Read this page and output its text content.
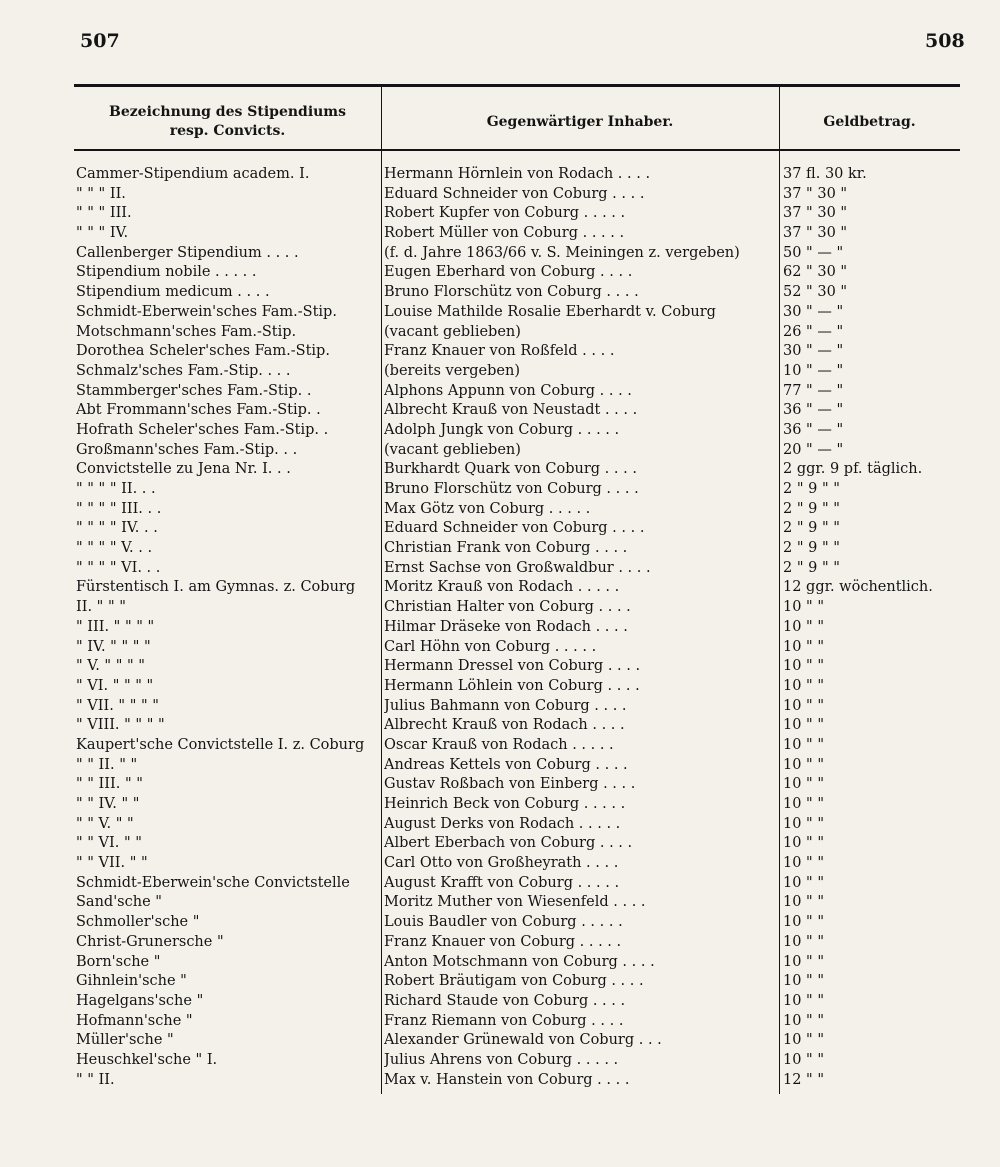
507	508
Bezeichnung des Stipendiums
resp. Convicts.
Gegenwärtiger Inhaber.	Geldbetrag.
Cammer-Stipendium academ. I.	Hermann Hörnlein von Rodach . . . .	37 fl. 30 kr.
" " " II.	Eduard Schneider von Coburg . . . .	37 " 30 "
" " " III.	Robert Kupfer von Coburg . . . . .	37 " 30 "
" " " IV.	Robert Müller von Coburg . . . . .	37 " 30 "
Callenberger Stipendium . . . .	(f. d. Jahre 1863/66 v. S. Meiningen z. vergeben)	50 " — "
Stipendium nobile . . . . .	Eugen Eberhard von Coburg . . . .	62 " 30 "
Stipendium medicum . . . .	Bruno Florschütz von Coburg . . . .	52 " 30 "
Schmidt-Eberwein'sches Fam.-Stip.	Louise Mathilde Rosalie Eberhardt v. Coburg	30 " — "
Motschmann'sches Fam.-Stip.	(vacant geblieben)	26 " — "
Dorothea Scheler'sches Fam.-Stip.	Franz Knauer von Roßfeld . . . .	30 " — "
Schmalz'sches Fam.-Stip. . . .	(bereits vergeben)	10 " — "
Stammberger'sches Fam.-Stip. .	Alphons Appunn von Coburg . . . .	77 " — "
Abt Frommann'sches Fam.-Stip. .	Albrecht Krauß von Neustadt . . . .	36 " — "
Hofrath Scheler'sches Fam.-Stip. .	Adolph Jungk von Coburg . . . . .	36 " — "
Großmann'sches Fam.-Stip. . .	(vacant geblieben)	20 " — "
Convictstelle zu Jena Nr. I. . .	Burkhardt Quark von Coburg . . . .	2 ggr. 9 pf. täglich.
" " " " II. . .	Bruno Florschütz von Coburg . . . .	2 " 9 " "
" " " " III. . .	Max Götz von Coburg . . . . .	2 " 9 " "
" " " " IV. . .	Eduard Schneider von Coburg . . . .	2 " 9 " "
" " " " V. . .	Christian Frank von Coburg . . . .	2 " 9 " "
" " " " VI. . .	Ernst Sachse von Großwaldbur . . . .	2 " 9 " "
Fürstentisch I. am Gymnas. z. Coburg	Moritz Krauß von Rodach . . . . .	12 ggr. wöchentlich.
II. " " "	Christian Halter von Coburg . . . .	10 " "
" III. " " " "	Hilmar Dräseke von Rodach . . . .	10 " "
" IV. " " " "	Carl Höhn von Coburg . . . . .	10 " "
" V. " " " "	Hermann Dressel von Coburg . . . .	10 " "
" VI. " " " "	Hermann Löhlein von Coburg . . . .	10 " "
" VII. " " " "	Julius Bahmann von Coburg . . . .	10 " "
" VIII. " " " "	Albrecht Krauß von Rodach . . . .	10 " "
Kaupert'sche Convictstelle I. z. Coburg	Oscar Krauß von Rodach . . . . .	10 " "
" " II. " "	Andreas Kettels von Coburg . . . .	10 " "
" " III. " "	Gustav Roßbach von Einberg . . . .	10 " "
" " IV. " "	Heinrich Beck von Coburg . . . . .	10 " "
" " V. " "	August Derks von Rodach . . . . .	10 " "
" " VI. " "	Albert Eberbach von Coburg . . . .	10 " "
" " VII. " "	Carl Otto von Großheyrath . . . .	10 " "
Schmidt-Eberwein'sche Convictstelle	August Krafft von Coburg . . . . .	10 " "
Sand'sche "	Moritz Muther von Wiesenfeld . . . .	10 " "
Schmoller'sche "	Louis Baudler von Coburg . . . . .	10 " "
Christ-Grunersche "	Franz Knauer von Coburg . . . . .	10 " "
Born'sche "	Anton Motschmann von Coburg . . . .	10 " "
Gihnlein'sche "	Robert Bräutigam von Coburg . . . .	10 " "
Hagelgans'sche "	Richard Staude von Coburg . . . .	10 " "
Hofmann'sche "	Franz Riemann von Coburg . . . .	10 " "
Müller'sche "	Alexander Grünewald von Coburg . . .	10 " "
Heuschkel'sche " I.	Julius Ahrens von Coburg . . . . .	10 " "
" " II.	Max v. Hanstein von Coburg . . . .	12 " "
